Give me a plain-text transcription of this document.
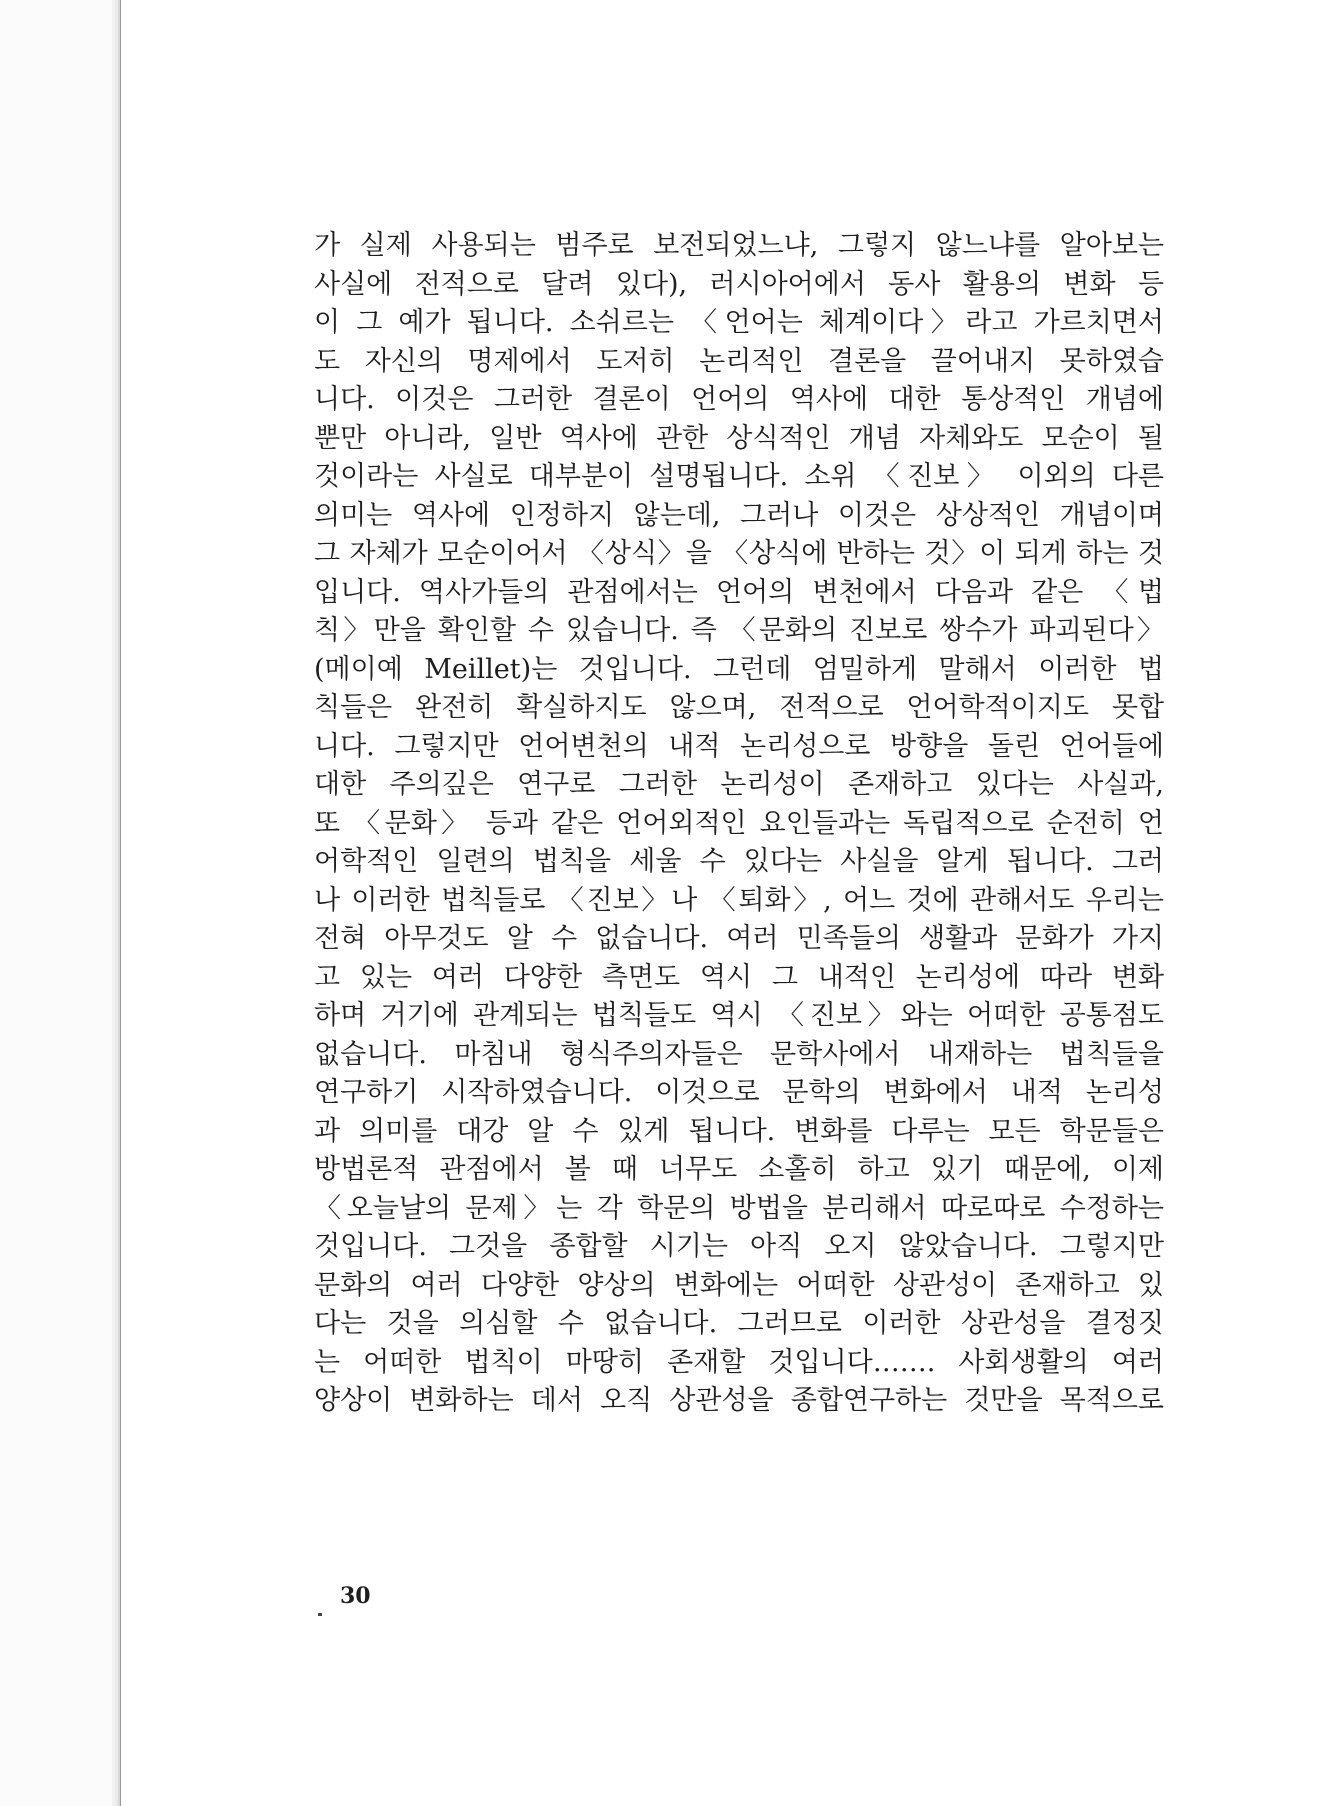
가 실제 사용되는 범주로 보전되었느냐, 그렇지 않느냐를 알아보는
사실에 전적으로 달려 있다), 러시아어에서 동사 활용의 변화 등
이 그 예가 됩니다. 소쉬르는 〈언어는 체계이다〉라고 가르치면서
도 자신의 명제에서 도저히 논리적인 결론을 끌어내지 못하였습
니다. 이것은 그러한 결론이 언어의 역사에 대한 통상적인 개념에
뿐만 아니라, 일반 역사에 관한 상식적인 개념 자체와도 모순이 될
것이라는 사실로 대부분이 설명됩니다. 소위 〈진보〉 이외의 다른
의미는 역사에 인정하지 않는데, 그러나 이것은 상상적인 개념이며
그 자체가 모순이어서 〈상식〉을 〈상식에 반하는 것〉이 되게 하는 것
입니다. 역사가들의 관점에서는 언어의 변천에서 다음과 같은 〈법
칙〉만을 확인할 수 있습니다. 즉 〈문화의 진보로 쌍수가 파괴된다〉
(메이예 Meillet)는 것입니다. 그런데 엄밀하게 말해서 이러한 법
칙들은 완전히 확실하지도 않으며, 전적으로 언어학적이지도 못합
니다. 그렇지만 언어변천의 내적 논리성으로 방향을 돌린 언어들에
대한 주의깊은 연구로 그러한 논리성이 존재하고 있다는 사실과,
또 〈문화〉 등과 같은 언어외적인 요인들과는 독립적으로 순전히 언
어학적인 일련의 법칙을 세울 수 있다는 사실을 알게 됩니다. 그러
나 이러한 법칙들로 〈진보〉나 〈퇴화〉, 어느 것에 관해서도 우리는
전혀 아무것도 알 수 없습니다. 여러 민족들의 생활과 문화가 가지
고 있는 여러 다양한 측면도 역시 그 내적인 논리성에 따라 변화
하며 거기에 관계되는 법칙들도 역시 〈진보〉와는 어떠한 공통점도
없습니다. 마침내 형식주의자들은 문학사에서 내재하는 법칙들을
연구하기 시작하였습니다. 이것으로 문학의 변화에서 내적 논리성
과 의미를 대강 알 수 있게 됩니다. 변화를 다루는 모든 학문들은
방법론적 관점에서 볼 때 너무도 소홀히 하고 있기 때문에, 이제
〈오늘날의 문제〉는 각 학문의 방법을 분리해서 따로따로 수정하는
것입니다. 그것을 종합할 시기는 아직 오지 않았습니다. 그렇지만
문화의 여러 다양한 양상의 변화에는 어떠한 상관성이 존재하고 있
다는 것을 의심할 수 없습니다. 그러므로 이러한 상관성을 결정짓
는 어떠한 법칙이 마땅히 존재할 것입니다……. 사회생활의 여러
양상이 변화하는 데서 오직 상관성을 종합연구하는 것만을 목적으로
30
